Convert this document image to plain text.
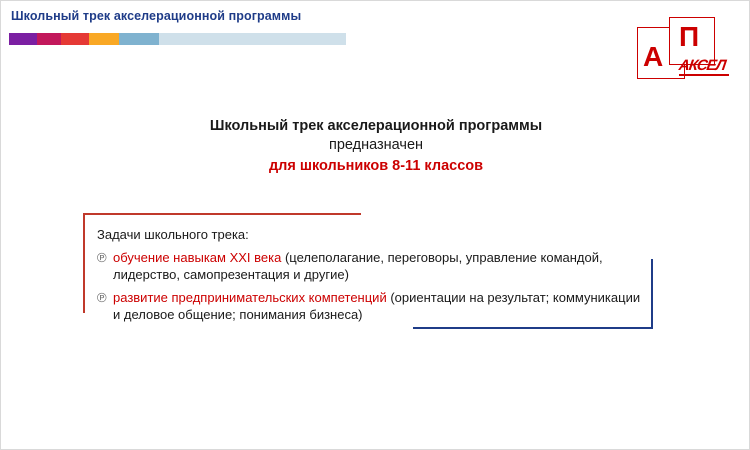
Школьный трек акселерационной программы
А
П
АКСЕЛ
Школьный трек акселерационной программы
предназначен
для школьников 8-11 классов
Задачи школьного трека:
℗ обучение навыкам XXI века (целеполагание, переговоры, управление командой, лидерство, самопрезентация и другие)
℗ развитие предпринимательских компетенций (ориентации на результат; коммуникации и деловое общение; понимания бизнеса)
